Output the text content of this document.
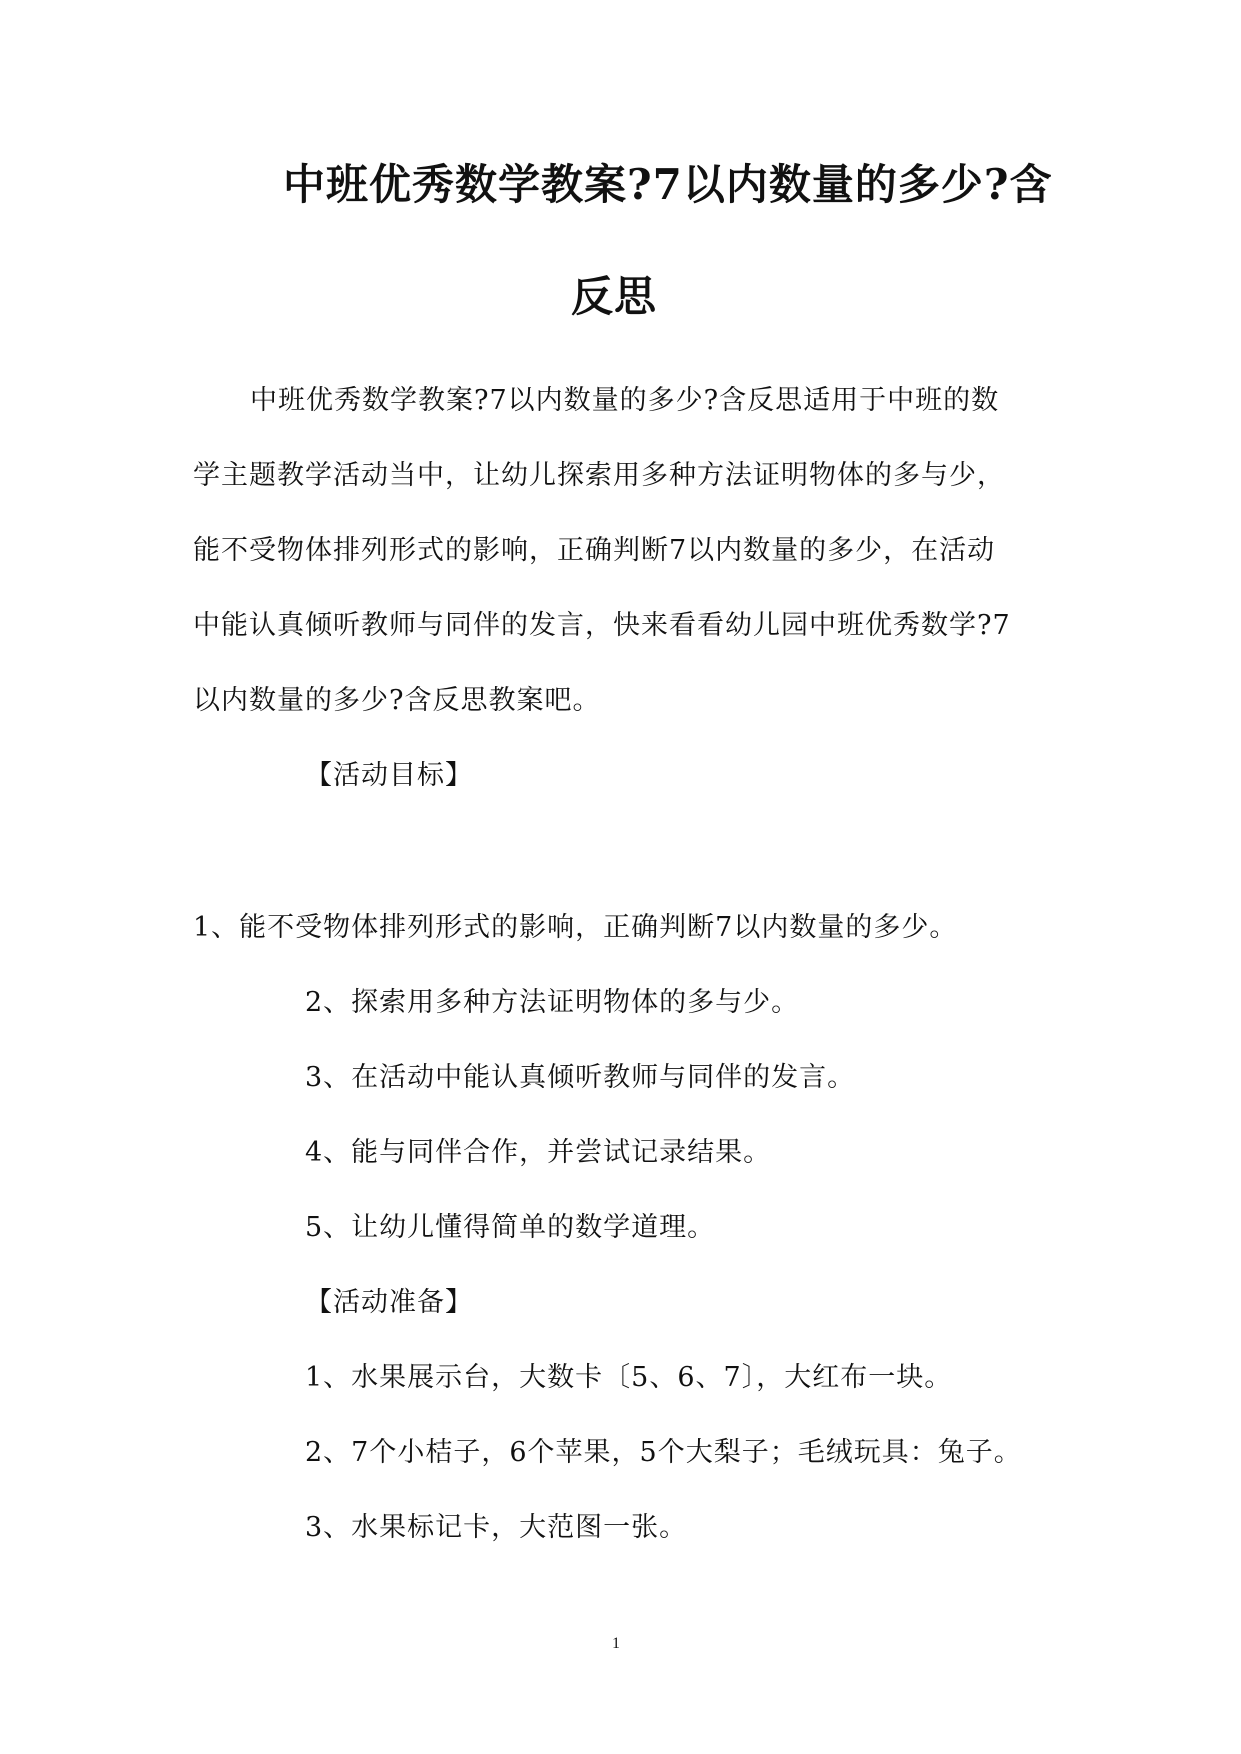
中班优秀数学教案?7以内数量的多少?含
反思
中班优秀数学教案?7以内数量的多少?含反思适用于中班的数
学主题教学活动当中，让幼儿探索用多种方法证明物体的多与少，
能不受物体排列形式的影响，正确判断7以内数量的多少，在活动
中能认真倾听教师与同伴的发言，快来看看幼儿园中班优秀数学?7
以内数量的多少?含反思教案吧。
【活动目标】
1、能不受物体排列形式的影响，正确判断7以内数量的多少。
2、探索用多种方法证明物体的多与少。
3、在活动中能认真倾听教师与同伴的发言。
4、能与同伴合作，并尝试记录结果。
5、让幼儿懂得简单的数学道理。
【活动准备】
1、水果展示台，大数卡〔5、6、7〕，大红布一块。
2、7个小桔子，6个苹果，5个大梨子；毛绒玩具：兔子。
3、水果标记卡，大范图一张。
1
